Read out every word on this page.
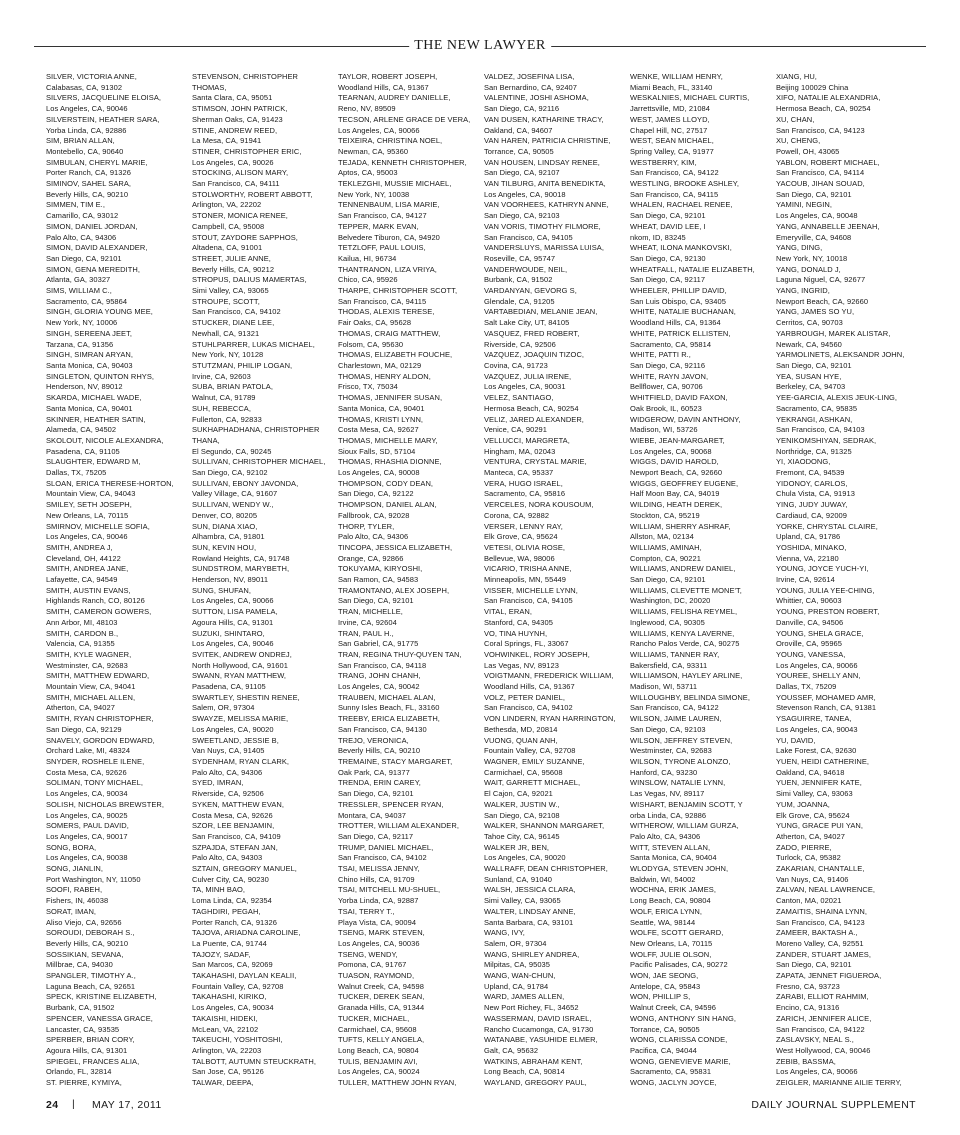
THE NEW LAWYER
SILVER, VICTORIA ANNE,
Calabasas, CA, 91302
SILVERS, JACQUELINE ELOISA,
Los Angeles, CA, 90046
SILVERSTEIN, HEATHER SARA,
Yorba Linda, CA, 92886
SIM, BRIAN ALLAN,
Montebello, CA, 90640
SIMBULAN, CHERYL MARIE,
Porter Ranch, CA, 91326
SIMINOV, SAHEL SARA,
Beverly Hills, CA, 90210
SIMMEN, TIM E.,
Camarillo, CA, 93012
SIMON, DANIEL JORDAN,
Palo Alto, CA, 94306
SIMON, DAVID ALEXANDER,
San Diego, CA, 92101
SIMON, GENA MEREDITH,
Atlanta, GA, 30327
SIMS, WILLIAM C.,
Sacramento, CA, 95864
SINGH, GLORIA YOUNG MEE,
New York, NY, 10006
SINGH, SEREENA JEET,
Tarzana, CA, 91356
SINGH, SIMRAN ARYAN,
Santa Monica, CA, 90403
SINGLETON, QUINTON RHYS,
Henderson, NV, 89012
SKARDA, MICHAEL WADE,
Santa Monica, CA, 90401
SKINNER, HEATHER SATIN,
Alameda, CA, 94502
SKOLOUT, NICOLE ALEXANDRA,
Pasadena, CA, 91105
SLAUGHTER, EDWARD M,
Dallas, TX, 75205
SLOAN, ERICA THERESE-HORTON,
Mountain View, CA, 94043
SMILEY, SETH JOSEPH,
New Orleans, LA, 70115
SMIRNOV, MICHELLE SOFIA,
Los Angeles, CA, 90046
SMITH, ANDREA J,
Cleveland, OH, 44122
SMITH, ANDREA JANE,
Lafayette, CA, 94549
SMITH, AUSTIN EVANS,
Highlands Ranch, CO, 80126
SMITH, CAMERON GOWERS,
Ann Arbor, MI, 48103
SMITH, CARDON B.,
Valencia, CA, 91355
SMITH, KYLE WAGNER,
Westminster, CA, 92683
SMITH, MATTHEW EDWARD,
Mountain View, CA, 94041
SMITH, MICHAEL ALLEN,
Atherton, CA, 94027
SMITH, RYAN CHRISTOPHER,
San Diego, CA, 92129
SNAVELY, GORDON EDWARD,
Orchard Lake, MI, 48324
SNYDER, ROSHELE ILENE,
Costa Mesa, CA, 92626
SOLIMAN, TONY MICHAEL,
Los Angeles, CA, 90034
SOLISH, NICHOLAS BREWSTER,
Los Angeles, CA, 90025
SOMERS, PAUL DAVID,
Los Angeles, CA, 90017
SONG, BORA,
Los Angeles, CA, 90038
SONG, JIANLIN,
Port Washington, NY, 11050
SOOFI, RABEH,
Fishers, IN, 46038
SORAT, IMAN,
Aliso Viejo, CA, 92656
SOROUDI, DEBORAH S.,
Beverly Hills, CA, 90210
SOSSIKIAN, SEVANA,
Millbrae, CA, 94030
SPANGLER, TIMOTHY A.,
Laguna Beach, CA, 92651
SPECK, KRISTINE ELIZABETH,
Burbank, CA, 91502
SPENCER, VANESSA GRACE,
Lancaster, CA, 93535
SPERBER, BRIAN CORY,
Agoura Hills, CA, 91301
SPIEGEL, FRANCES ALIA,
Orlando, FL, 32814
ST. PIERRE, KYMIYA,
STEVENSON, CHRISTOPHER
THOMAS,
Santa Clara, CA, 95051
STIMSON, JOHN PATRICK,
Sherman Oaks, CA, 91423
STINE, ANDREW REED,
La Mesa, CA, 91941
STINER, CHRISTOPHER ERIC,
Los Angeles, CA, 90026
STOCKING, ALISON MARY,
San Francisco, CA, 94111
STOLWORTHY, ROBERT ABBOTT,
Arlington, VA, 22202
STONER, MONICA RENEE,
Campbell, CA, 95008
STOUT, ZAYDORE SAPPHOS,
Altadena, CA, 91001
STREET, JULIE ANNE,
Beverly Hills, CA, 90212
STROPUS, DALIUS MAMERTAS,
Simi Valley, CA, 93065
STROUPE, SCOTT,
San Francisco, CA, 94102
STUCKER, DIANE LEE,
Newhall, CA, 91321
STUHLPARRER, LUKAS MICHAEL,
New York, NY, 10128
STUTZMAN, PHILIP LOGAN,
Irvine, CA, 92603
SUBA, BRIAN PATOLA,
Walnut, CA, 91789
SUH, REBECCA,
Fullerton, CA, 92833
SUKHAPHADHANA, CHRISTOPHER
THANA,
El Segundo, CA, 90245
SULLIVAN, CHRISTOPHER MICHAEL,
San Diego, CA, 92102
SULLIVAN, EBONY JAVONDA,
Valley Village, CA, 91607
SULLIVAN, WENDY W.,
Denver, CO, 80205
SUN, DIANA XIAO,
Alhambra, CA, 91801
SUN, KEVIN HOU,
Rowland Heights, CA, 91748
SUNDSTROM, MARYBETH,
Henderson, NV, 89011
SUNG, SHUFAN,
Los Angeles, CA, 90066
SUTTON, LISA PAMELA,
Agoura Hills, CA, 91301
SUZUKI, SHINTARO,
Los Angeles, CA, 90046
SVITEK, ANDREW ONDREJ,
North Hollywood, CA, 91601
SWANN, RYAN MATTHEW,
Pasadena, CA, 91105
SWARTLEY, SHESTIN RENEE,
Salem, OR, 97304
SWAYZE, MELISSA MARIE,
Los Angeles, CA, 90020
SWEETLAND, JESSIE B,
Van Nuys, CA, 91405
SYDENHAM, RYAN CLARK,
Palo Alto, CA, 94306
SYED, IMRAN,
Riverside, CA, 92506
SYKEN, MATTHEW EVAN,
Costa Mesa, CA, 92626
SZOR, LEE BENJAMIN,
San Francisco, CA, 94109
SZPAJDA, STEFAN JAN,
Palo Alto, CA, 94303
SZTAIN, GREGORY MANUEL,
Culver City, CA, 90230
TA, MINH BAO,
Loma Linda, CA, 92354
TAGHDIRI, PEGAH,
Porter Ranch, CA, 91326
TAJOVA, ARIADNA CAROLINE,
La Puente, CA, 91744
TAJOZY, SADAF,
San Marcos, CA, 92069
TAKAHASHI, DAYLAN KEALII,
Fountain Valley, CA, 92708
TAKAHASHI, KIRIKO,
Los Angeles, CA, 90034
TAKAISHI, HIDEKI,
McLean, VA, 22102
TAKEUCHI, YOSHITOSHI,
Arlington, VA, 22203
TALBOTT, AUTUMN STEUCKRATH,
San Jose, CA, 95126
TALWAR, DEEPA,
TAYLOR, ROBERT JOSEPH,
Woodland Hills, CA, 91367
TEARNAN, AUDREY DANIELLE,
Reno, NV, 89509
TECSON, ARLENE GRACE DE VERA,
Los Angeles, CA, 90066
TEIXEIRA, CHRISTINA NOEL,
Newman, CA, 95360
TEJADA, KENNETH CHRISTOPHER,
Aptos, CA, 95003
TEKLEZGHI, MUSSIE MICHAEL,
New York, NY, 10038
TENNENBAUM, LISA MARIE,
San Francisco, CA, 94127
TEPPER, MARK EVAN,
Belvedere Tiburon, CA, 94920
TETZLOFF, PAUL LOUIS,
Kailua, HI, 96734
THANTRANON, LIZA VRIYA,
Chico, CA, 95926
THARPE, CHRISTOPHER SCOTT,
San Francisco, CA, 94115
THODAS, ALEXIS TERESE,
Fair Oaks, CA, 95628
THOMAS, CRAIG MATTHEW,
Folsom, CA, 95630
THOMAS, ELIZABETH FOUCHE,
Charlestown, MA, 02129
THOMAS, HENRY ALDON,
Frisco, TX, 75034
THOMAS, JENNIFER SUSAN,
Santa Monica, CA, 90401
THOMAS, KRISTI LYNN,
Costa Mesa, CA, 92627
THOMAS, MICHELLE MARY,
Sioux Falls, SD, 57104
THOMAS, RHASHIA DIONNE,
Los Angeles, CA, 90008
THOMPSON, CODY DEAN,
San Diego, CA, 92122
THOMPSON, DANIEL ALAN,
Fallbrook, CA, 92028
THORP, TYLER,
Palo Alto, CA, 94306
TINCOPA, JESSICA ELIZABETH,
Orange, CA, 92866
TOKUYAMA, KIRYOSHI,
San Ramon, CA, 94583
TRAMONTANO, ALEX JOSEPH,
San Diego, CA, 92101
TRAN, MICHELLE,
Irvine, CA, 92604
TRAN, PAUL H.,
San Gabriel, CA, 91775
TRAN, REGINA THUY-QUYEN TAN,
San Francisco, CA, 94118
TRANG, JOHN CHANH,
Los Angeles, CA, 90042
TRAUBEN, MICHAEL ALAN,
Sunny Isles Beach, FL, 33160
TREEBY, ERICA ELIZABETH,
San Francisco, CA, 94130
TREJO, VERONICA,
Beverly Hills, CA, 90210
TREMAINE, STACY MARGARET,
Oak Park, CA, 91377
TRENDA, ERIN CAREY,
San Diego, CA, 92101
TRESSLER, SPENCER RYAN,
Montara, CA, 94037
TROTTER, WILLIAM ALEXANDER,
San Diego, CA, 92117
TRUMP, DANIEL MICHAEL,
San Francisco, CA, 94102
TSAI, MELISSA JENNY,
Chino Hills, CA, 91709
TSAI, MITCHELL MU-SHUEL,
Yorba Linda, CA, 92887
TSAI, TERRY T.,
Playa Vista, CA, 90094
TSENG, MARK STEVEN,
Los Angeles, CA, 90036
TSENG, WENDY,
Pomona, CA, 91767
TUASON, RAYMOND,
Walnut Creek, CA, 94598
TUCKER, DEREK SEAN,
Granada Hills, CA, 91344
TUCKER, MICHAEL,
Carmichael, CA, 95608
TUFTS, KELLY ANGELA,
Long Beach, CA, 90804
TULIS, BENJAMIN AVI,
Los Angeles, CA, 90024
TULLER, MATTHEW JOHN RYAN,
VALDEZ, JOSEFINA LISA,
San Bernardino, CA, 92407
VALENTINE, JOSHI ASHOMA,
San Diego, CA, 92116
VAN DUSEN, KATHARINE TRACY,
Oakland, CA, 94607
VAN HAREN, PATRICIA CHRISTINE,
Torrance, CA, 90505
VAN HOUSEN, LINDSAY RENEE,
San Diego, CA, 92107
VAN TILBURG, ANITA BENEDIKTA,
Los Angeles, CA, 90018
VAN VOORHEES, KATHRYN ANNE,
San Diego, CA, 92103
VAN VORIS, TIMOTHY FILMORE,
San Francisco, CA, 94105
VANDERSLUYS, MARISSA LUISA,
Roseville, CA, 95747
VANDERWOUDE, NEIL,
Burbank, CA, 91502
VARDANYAN, GEVORG S,
Glendale, CA, 91205
VARTABEDIAN, MELANIE JEAN,
Salt Lake City, UT, 84105
VASQUEZ, FRED ROBERT,
Riverside, CA, 92506
VAZQUEZ, JOAQUIN TIZOC,
Covina, CA, 91723
VAZQUEZ, JULIA IRENE,
Los Angeles, CA, 90031
VELEZ, SANTIAGO,
Hermosa Beach, CA, 90254
VELIZ, JARED ALEXANDER,
Venice, CA, 90291
VELLUCCI, MARGRETA,
Hingham, MA, 02043
VENTURA, CRYSTAL MARIE,
Manteca, CA, 95337
VERA, HUGO ISRAEL,
Sacramento, CA, 95816
VERCELES, NORA KOUSOUM,
Corona, CA, 92882
VERSER, LENNY RAY,
Elk Grove, CA, 95624
VETESI, OLIVIA ROSE,
Bellevue, WA, 98006
VICARIO, TRISHA ANNE,
Minneapolis, MN, 55449
VISSER, MICHELLE LYNN,
San Francisco, CA, 94105
VITAL, ERAN,
Stanford, CA, 94305
VO, TINA HUYNH,
Coral Springs, FL, 33067
VOHWINKEL, RORY JOSEPH,
Las Vegas, NV, 89123
VOIGTMANN, FREDERICK WILLIAM,
Woodland Hills, CA, 91367
VOLZ, PETER DANIEL,
San Francisco, CA, 94102
VON LINDERN, RYAN HARRINGTON,
Bethesda, MD, 20814
VUONG, QUAN ANH,
Fountain Valley, CA, 92708
WAGNER, EMILY SUZANNE,
Carmichael, CA, 95608
WAIT, GARRETT MICHAEL,
El Cajon, CA, 92021
WALKER, JUSTIN W.,
San Diego, CA, 92108
WALKER, SHANNON MARGARET,
Tahoe City, CA, 96145
WALKER JR, BEN,
Los Angeles, CA, 90020
WALLRAFF, DEAN CHRISTOPHER,
Sunland, CA, 91040
WALSH, JESSICA CLARA,
Simi Valley, CA, 93065
WALTER, LINDSAY ANNE,
Santa Barbara, CA, 93101
WANG, IVY,
Salem, OR, 97304
WANG, SHIRLEY ANDREA,
Milpitas, CA, 95035
WANG, WAN-CHUN,
Upland, CA, 91784
WARD, JAMES ALLEN,
New Port Richey, FL, 34652
WASSERMAN, DAVID ISRAEL,
Rancho Cucamonga, CA, 91730
WATANABE, YASUHIDE ELMER,
Galt, CA, 95632
WATKINS, ABRAHAM KENT,
Long Beach, CA, 90814
WAYLAND, GREGORY PAUL,
WENKE, WILLIAM HENRY,
Miami Beach, FL, 33140
WESKALNIES, MICHAEL CURTIS,
Jarrettsville, MD, 21084
WEST, JAMES LLOYD,
Chapel Hill, NC, 27517
WEST, SEAN MICHAEL,
Spring Valley, CA, 91977
WESTBERRY, KIM,
San Francisco, CA, 94122
WESTLING, BROOKE ASHLEY,
San Francisco, CA, 94115
WHALEN, RACHAEL RENEE,
San Diego, CA, 92101
WHEAT, DAVID LEE, I
nkom, ID, 83245
WHEAT, ILONA MANKOVSKI,
San Diego, CA, 92130
WHEATFALL, NATALIE ELIZABETH,
San Diego, CA, 92117
WHEELER, PHILLIP DAVID,
San Luis Obispo, CA, 93405
WHITE, NATALIE BUCHANAN,
Woodland Hills, CA, 91364
WHITE, PATRICK ELLISTEN,
Sacramento, CA, 95814
WHITE, PATTI R.,
San Diego, CA, 92116
WHITE, RAYN JAVON,
Bellflower, CA, 90706
WHITFIELD, DAVID FAXON,
Oak Brook, IL, 60523
WIDGEROW, DAVIN ANTHONY,
Madison, WI, 53726
WIEBE, JEAN-MARGARET,
Los Angeles, CA, 90068
WIGGS, DAVID HAROLD,
Newport Beach, CA, 92660
WIGGS, GEOFFREY EUGENE,
Half Moon Bay, CA, 94019
WILDING, HEATH DEREK,
Stockton, CA, 95219
WILLIAM, SHERRY ASHRAF,
Allston, MA, 02134
WILLIAMS, AMINAH,
Compton, CA, 90221
WILLIAMS, ANDREW DANIEL,
San Diego, CA, 92101
WILLIAMS, CLEVETTE MONE'T,
Washington, DC, 20020
WILLIAMS, FELISHA REYMEL,
Inglewood, CA, 90305
WILLIAMS, KENYA LAVERNE,
Rancho Palos Verde, CA, 90275
WILLIAMS, TANNER RAY,
Bakersfield, CA, 93311
WILLIAMSON, HAYLEY ARLINE,
Madison, WI, 53711
WILLOUGHBY, BELINDA SIMONE,
San Francisco, CA, 94122
WILSON, JAIME LAUREN,
San Diego, CA, 92103
WILSON, JEFFREY STEVEN,
Westminster, CA, 92683
WILSON, TYRONE ALONZO,
Hanford, CA, 93230
WINSLOW, NATALIE LYNN,
Las Vegas, NV, 89117
WISHART, BENJAMIN SCOTT, Y
orba Linda, CA, 92886
WITHEROW, WILLIAM GURZA,
Palo Alto, CA, 94306
WITT, STEVEN ALLAN,
Santa Monica, CA, 90404
WLODYGA, STEVEN JOHN,
Baldwin, WI, 54002
WOCHNA, ERIK JAMES,
Long Beach, CA, 90804
WOLF, ERICA LYNN,
Seattle, WA, 98144
WOLFE, SCOTT GERARD,
New Orleans, LA, 70115
WOLFF, JULIE OLSON,
Pacific Palisades, CA, 90272
WON, JAE SEONG,
Antelope, CA, 95843
WON, PHILLIP S,
Walnut Creek, CA, 94596
WONG, ANTHONY SIN HANG,
Torrance, CA, 90505
WONG, CLARISSA CONDE,
Pacifica, CA, 94044
WONG, GENEVIEVE MARIE,
Sacramento, CA, 95831
WONG, JACLYN JOYCE,
XIANG, HU,
Beijing 100029 China
XIFO, NATALIE ALEXANDRIA,
Hermosa Beach, CA, 90254
XU, CHAN,
San Francisco, CA, 94123
XU, CHENG,
Powell, OH, 43065
YABLON, ROBERT MICHAEL,
San Francisco, CA, 94114
YACOUB, JIHAN SOUAD,
San Diego, CA, 92101
YAMINI, NEGIN,
Los Angeles, CA, 90048
YANG, ANNABELLE JEENAH,
Emeryville, CA, 94608
YANG, DING,
New York, NY, 10018
YANG, DONALD J,
Laguna Niguel, CA, 92677
YANG, INGRID,
Newport Beach, CA, 92660
YANG, JAMES SO YU,
Cerritos, CA, 90703
YARBROUGH, MAREK ALISTAR,
Newark, CA, 94560
YARMOLINETS, ALEKSANDR JOHN,
San Diego, CA, 92101
YEA, SUSAN HYE,
Berkeley, CA, 94703
YEE-GARCIA, ALEXIS JEUK-LING,
Sacramento, CA, 95835
YEKRANGI, ASHKAN,
San Francisco, CA, 94103
YENIKOMSHIYAN, SEDRAK,
Northridge, CA, 91325
YI, XIAODONG,
Fremont, CA, 94539
YIDONOY, CARLOS,
Chula Vista, CA, 91913
YING, JUDY JUWAY,
Cardiaud, CA, 92009
YORKE, CHRYSTAL CLAIRE,
Upland, CA, 91786
YOSHIDA, MINAKO,
Vienna, VA, 22180
YOUNG, JOYCE YUCH-YI,
Irvine, CA, 92614
YOUNG, JULIA YEE-CHING,
Whittier, CA, 90603
YOUNG, PRESTON ROBERT,
Danville, CA, 94506
YOUNG, SHELA GRACE,
Oroville, CA, 95965
YOUNG, VANESSA,
Los Angeles, CA, 90066
YOUREE, SHELLY ANN,
Dallas, TX, 75209
YOUSSEF, MOHAMED AMR,
Stevenson Ranch, CA, 91381
YSAGUIRRE, TANEA,
Los Angeles, CA, 90043
YU, DAVID,
Lake Forest, CA, 92630
YUEN, HEIDI CATHERINE,
Oakland, CA, 94618
YUEN, JENNIFER KATE,
Simi Valley, CA, 93063
YUM, JOANNA,
Elk Grove, CA, 95624
YUNG, GRACE PUI YAN,
Atherton, CA, 94027
ZADO, PIERRE,
Turlock, CA, 95382
ZAKARIAN, CHANTALLE,
Van Nuys, CA, 91406
ZALVAN, NEAL LAWRENCE,
Canton, MA, 02021
ZAMAITIS, SHAINA LYNN,
San Francisco, CA, 94123
ZAMEER, BAKTASH A.,
Moreno Valley, CA, 92551
ZANDER, STUART JAMES,
San Diego, CA, 92101
ZAPATA, JENNET FIGUEROA,
Fresno, CA, 93723
ZARABI, ELLIOT RAHMIM,
Encino, CA, 91316
ZARICH, JENNIFER ALICE,
San Francisco, CA, 94122
ZASLAVSKY, NEAL S.,
West Hollywood, CA, 90046
ZEBIB, BASSMA,
Los Angeles, CA, 90066
ZEIGLER, MARIANNE AILIE TERRY,
24 | MAY 17, 2011	DAILY JOURNAL SUPPLEMENT
